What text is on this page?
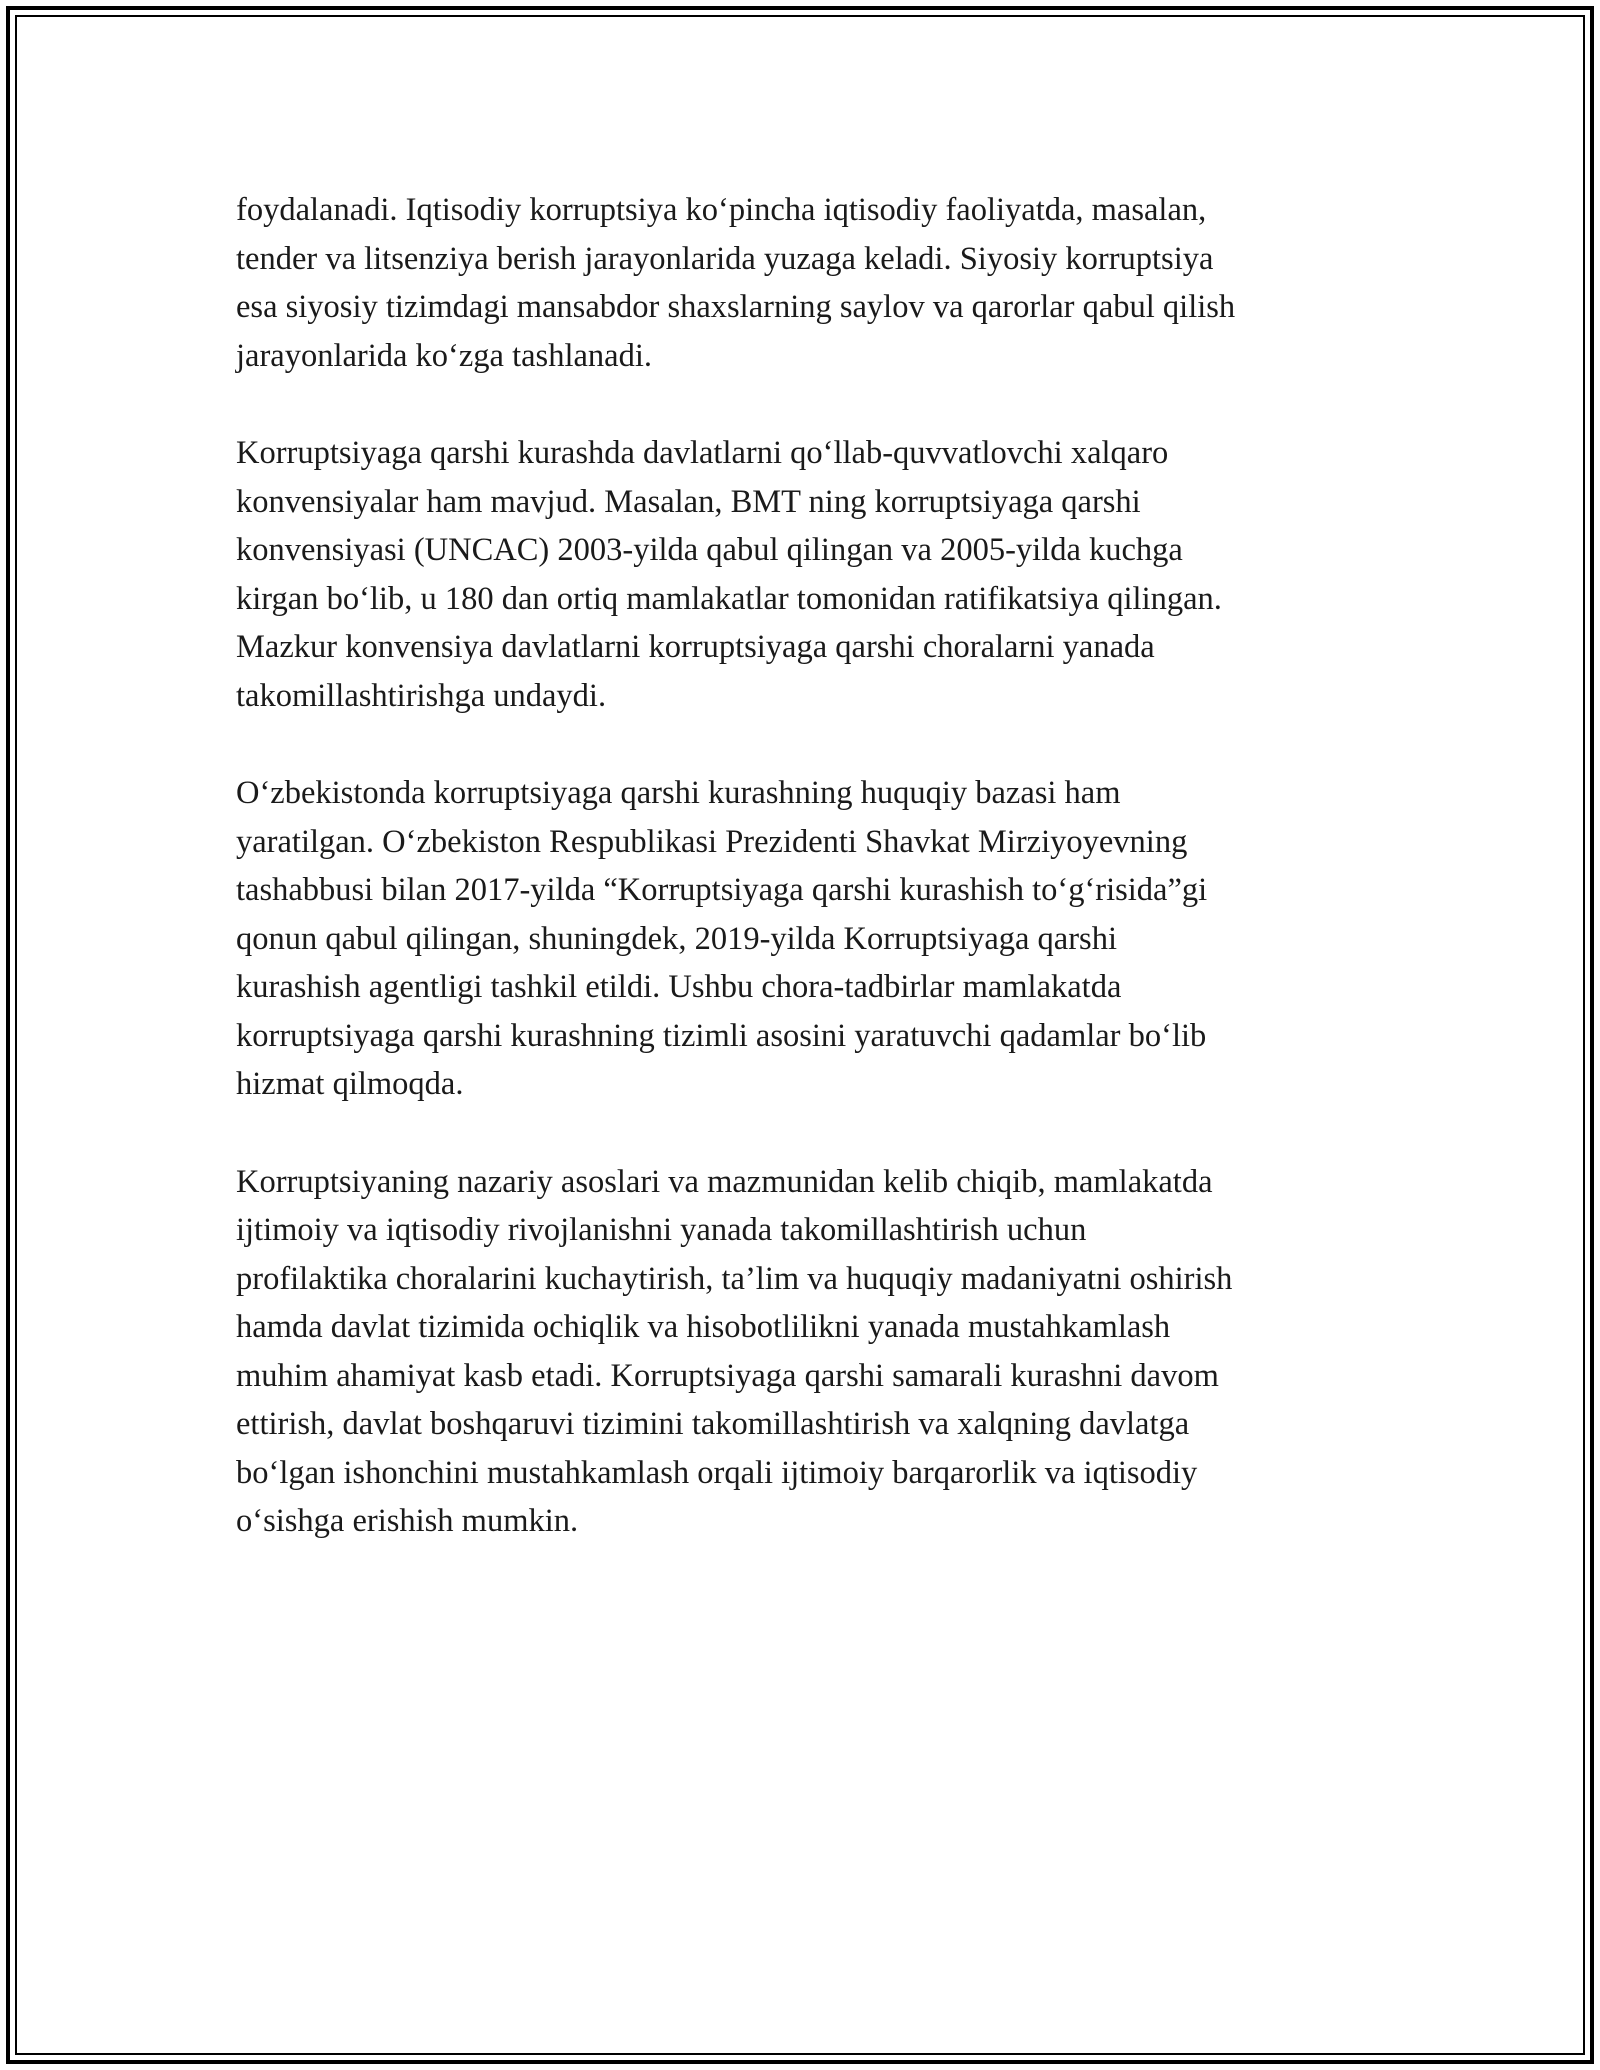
foydalanadi. Iqtisodiy korruptsiya ko‘pincha iqtisodiy faoliyatda, masalan,
tender va litsenziya berish jarayonlarida yuzaga keladi. Siyosiy korruptsiya
esa siyosiy tizimdagi mansabdor shaxslarning saylov va qarorlar qabul qilish
jarayonlarida ko‘zga tashlanadi.

Korruptsiyaga qarshi kurashda davlatlarni qo‘llab-quvvatlovchi xalqaro
konvensiyalar ham mavjud. Masalan, BMT ning korruptsiyaga qarshi
konvensiyasi (UNCAC) 2003-yilda qabul qilingan va 2005-yilda kuchga
kirgan bo‘lib, u 180 dan ortiq mamlakatlar tomonidan ratifikatsiya qilingan.
Mazkur konvensiya davlatlarni korruptsiyaga qarshi choralarni yanada
takomillashtirishga undaydi.

O‘zbekistonda korruptsiyaga qarshi kurashning huquqiy bazasi ham
yaratilgan. O‘zbekiston Respublikasi Prezidenti Shavkat Mirziyoyevning
tashabbusi bilan 2017-yilda “Korruptsiyaga qarshi kurashish to‘g‘risida”gi
qonun qabul qilingan, shuningdek, 2019-yilda Korruptsiyaga qarshi
kurashish agentligi tashkil etildi. Ushbu chora-tadbirlar mamlakatda
korruptsiyaga qarshi kurashning tizimli asosini yaratuvchi qadamlar bo‘lib
hizmat qilmoqda.

Korruptsiyaning nazariy asoslari va mazmunidan kelib chiqib, mamlakatda
ijtimoiy va iqtisodiy rivojlanishni yanada takomillashtirish uchun
profilaktika choralarini kuchaytirish, ta’lim va huquqiy madaniyatni oshirish
hamda davlat tizimida ochiqlik va hisobotlilikni yanada mustahkamlash
muhim ahamiyat kasb etadi. Korruptsiyaga qarshi samarali kurashni davom
ettirish, davlat boshqaruvi tizimini takomillashtirish va xalqning davlatga
bo‘lgan ishonchini mustahkamlash orqali ijtimoiy barqarorlik va iqtisodiy
o‘sishga erishish mumkin.
